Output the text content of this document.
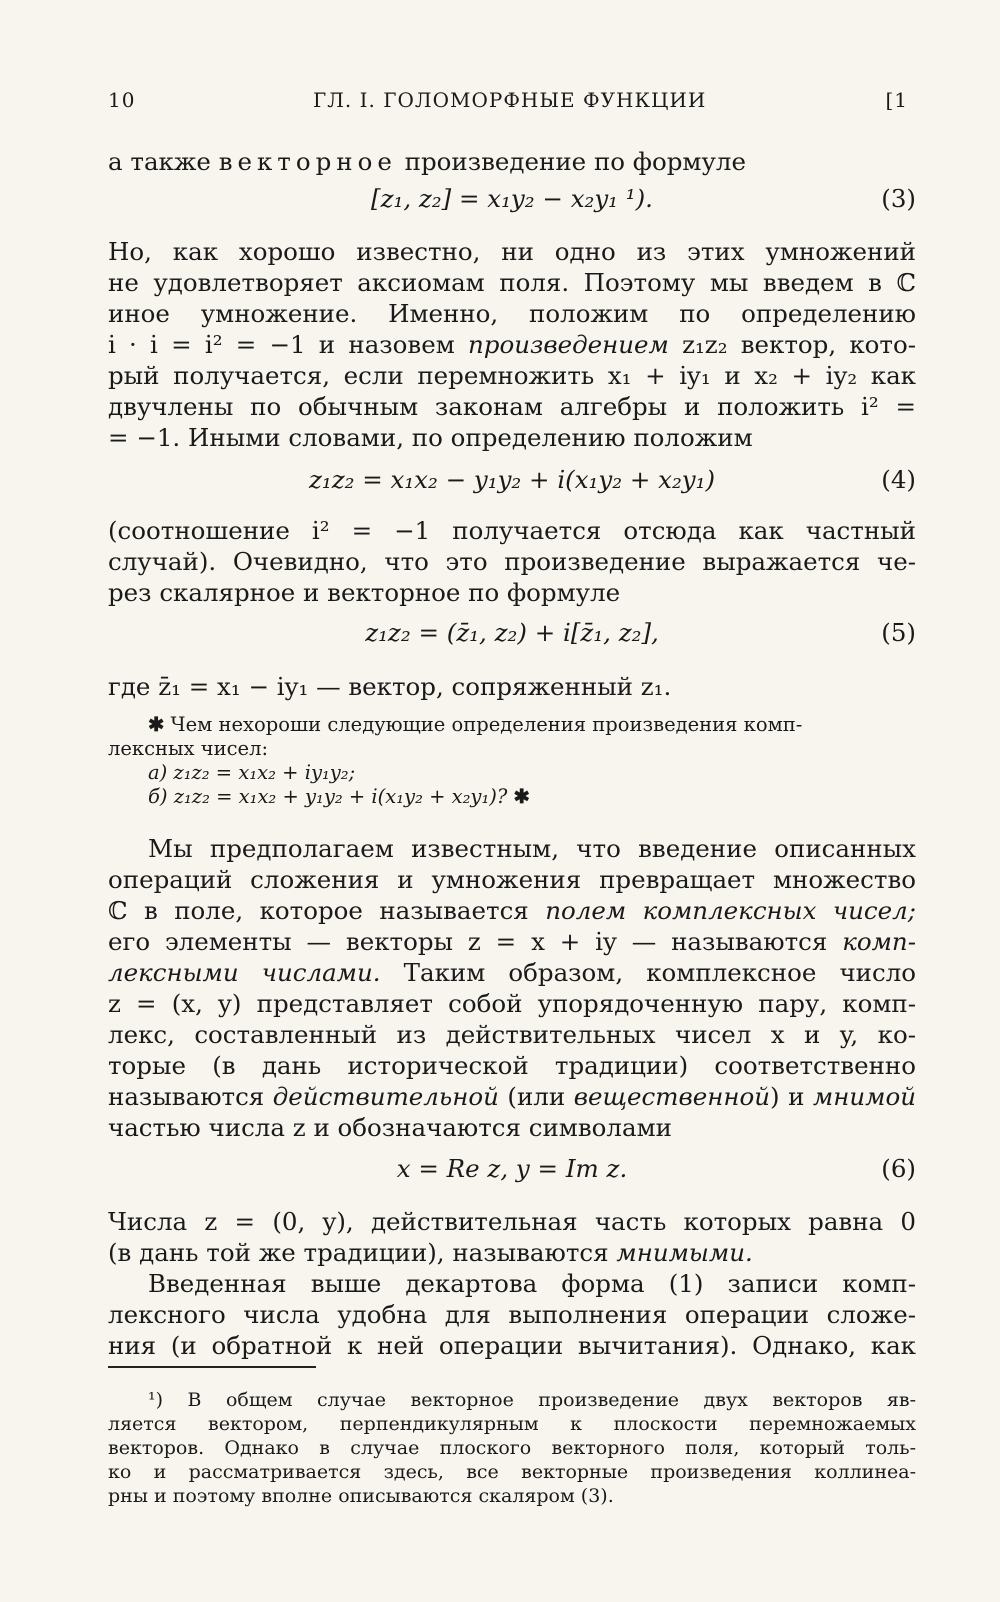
10	ГЛ. I. ГОЛОМОРФНЫЕ ФУНКЦИИ	[1
а также векторное произведение по формуле
[z₁, z₂] = x₁y₂ − x₂y₁ ¹).	(3)
Но, как хорошо известно, ни одно из этих умножений
не удовлетворяет аксиомам поля. Поэтому мы введем в ℂ
иное умножение. Именно, положим по определению
i · i = i² = −1 и назовем произведением z₁z₂ вектор, кото-
рый получается, если перемножить x₁ + iy₁ и x₂ + iy₂ как
двучлены по обычным законам алгебры и положить i² =
= −1. Иными словами, по определению положим
z₁z₂ = x₁x₂ − y₁y₂ + i(x₁y₂ + x₂y₁)	(4)
(соотношение i² = −1 получается отсюда как частный
случай). Очевидно, что это произведение выражается че-
рез скалярное и векторное по формуле
z₁z₂ = (z̄₁, z₂) + i[z̄₁, z₂],	(5)
где z̄₁ = x₁ − iy₁ — вектор, сопряженный z₁.
✱ Чем нехороши следующие определения произведения комп-
лексных чисел:
а) z₁z₂ = x₁x₂ + iy₁y₂;
б) z₁z₂ = x₁x₂ + y₁y₂ + i(x₁y₂ + x₂y₁)? ✱
Мы предполагаем известным, что введение описанных
операций сложения и умножения превращает множество
ℂ в поле, которое называется полем комплексных чисел;
его элементы — векторы z = x + iy — называются комп-
лексными числами. Таким образом, комплексное число
z = (x, y) представляет собой упорядоченную пару, комп-
лекс, составленный из действительных чисел x и y, ко-
торые (в дань исторической традиции) соответственно
называются действительной (или вещественной) и мнимой
частью числа z и обозначаются символами
x = Re z, y = Im z.	(6)
Числа z = (0, y), действительная часть которых равна 0
(в дань той же традиции), называются мнимыми.
Введенная выше декартова форма (1) записи комп-
лексного числа удобна для выполнения операции сложе-
ния (и обратной к ней операции вычитания). Однако, как
¹) В общем случае векторное произведение двух векторов яв-
ляется вектором, перпендикулярным к плоскости перемножаемых
векторов. Однако в случае плоского векторного поля, который толь-
ко и рассматривается здесь, все векторные произведения коллинеа-
рны и поэтому вполне описываются скаляром (3).
